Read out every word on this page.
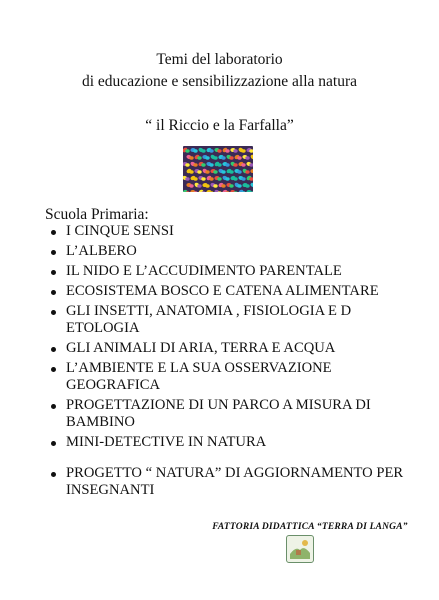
Temi del laboratorio
di educazione e sensibilizzazione alla natura
“ il Riccio e la Farfalla”
Scuola Primaria:
I CINQUE SENSI
L’ALBERO
IL NIDO E L’ACCUDIMENTO PARENTALE
ECOSISTEMA BOSCO E CATENA ALIMENTARE
GLI INSETTI, ANATOMIA , FISIOLOGIA E D ETOLOGIA
GLI ANIMALI DI ARIA, TERRA E ACQUA
L’AMBIENTE E LA SUA OSSERVAZIONE GEOGRAFICA
PROGETTAZIONE DI UN PARCO A MISURA DI BAMBINO
MINI-DETECTIVE IN NATURA
PROGETTO “ NATURA” DI AGGIORNAMENTO PER INSEGNANTI
FATTORIA DIDATTICA “TERRA DI LANGA”
